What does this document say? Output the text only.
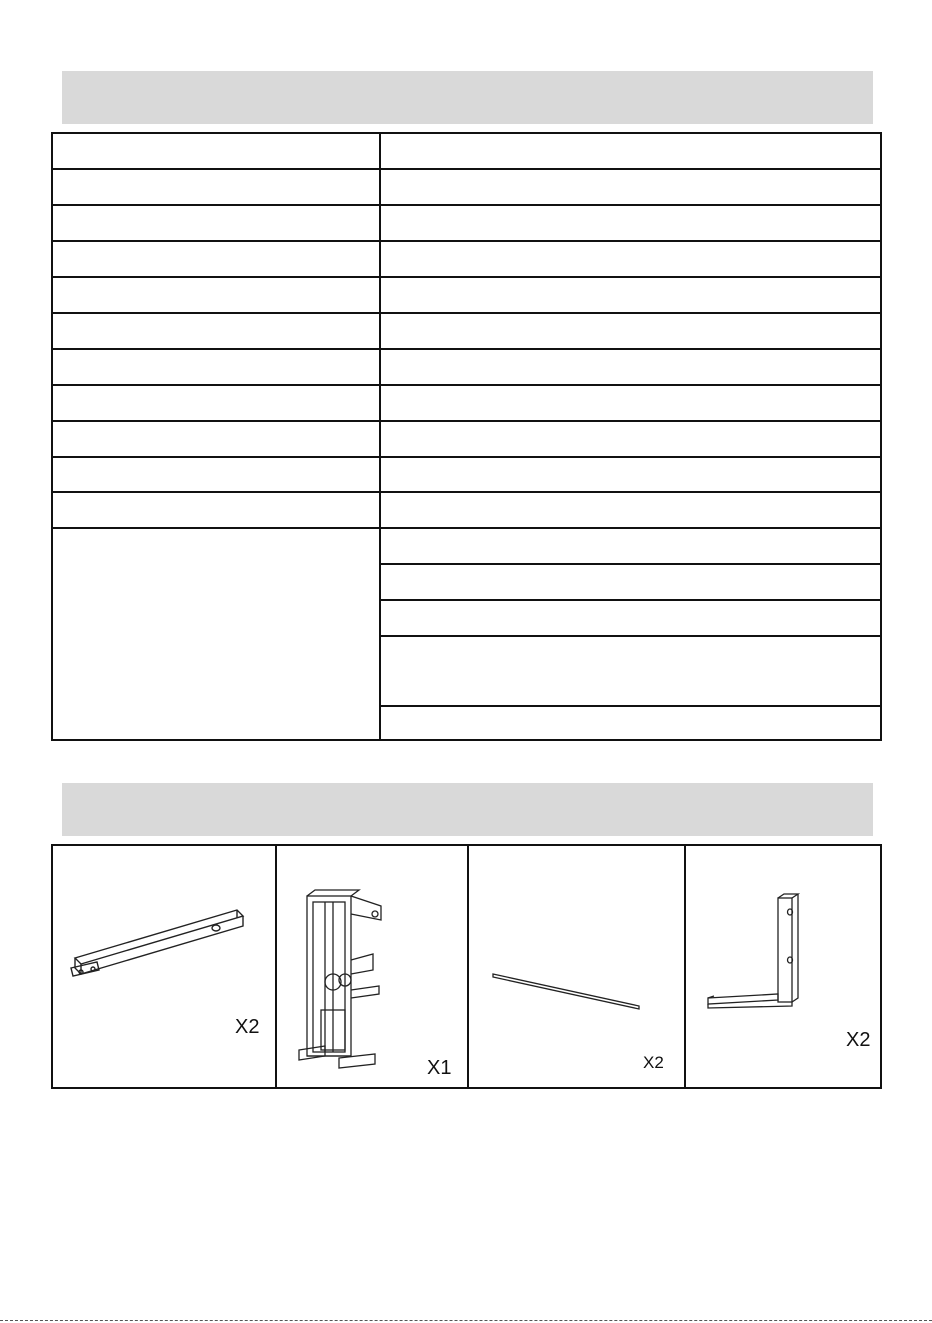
X2
X1	X2
X2
